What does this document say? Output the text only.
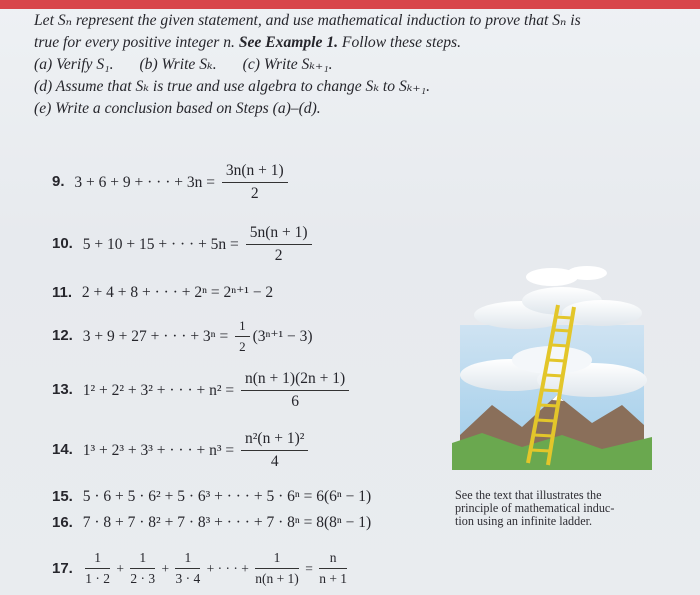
Let Sₙ represent the given statement, and use mathematical induction to prove that Sₙ is
true for every positive integer n. See Example 1. Follow these steps.
(a) Verify S₁. (b) Write Sₖ. (c) Write Sₖ₊₁.
(d) Assume that Sₖ is true and use algebra to change Sₖ to Sₖ₊₁.
(e) Write a conclusion based on Steps (a)–(d).
9. 3 + 6 + 9 + · · · + $3n = \frac{3n(n + 1)}{2}$
10. 5 + 10 + 15 + · · · + $5n = \frac{5n(n + 1)}{2}$
11. 2 + 4 + 8 + · · · + 2ⁿ = 2ⁿ⁺¹ − 2
12. 3 + 9 + 27 + · · · + $3^n = \frac{1}{2} (3^{n+1} - 3)$
13. 1² + 2² + 3² + · · · + $n^2 = \frac{n(n + 1)(2n + 1)}{6}$
14. 1³ + 2³ + 3³ + · · · + $n^3 = \frac{\text{n²(n + 1)²}}{4}$
15. 5 · 6 + 5 · 6² + 5 · 6³ + · · · + 5 · 6ⁿ = 6(6ⁿ − 1)
16. 7 · 8 + 7 · 8² + 7 · 8³ + · · · + 7 · 8ⁿ = 8(8ⁿ − 1)
17. $\frac{1}{1 \cdot 2} + \frac{1}{2 \cdot 3} + \frac{1}{3 \cdot 4}$ + · · · + $\frac{1}{n(n + 1)} = \frac{n}{n + 1}$
See the text that illustrates the
principle of mathematical induc-
tion using an infinite ladder.
